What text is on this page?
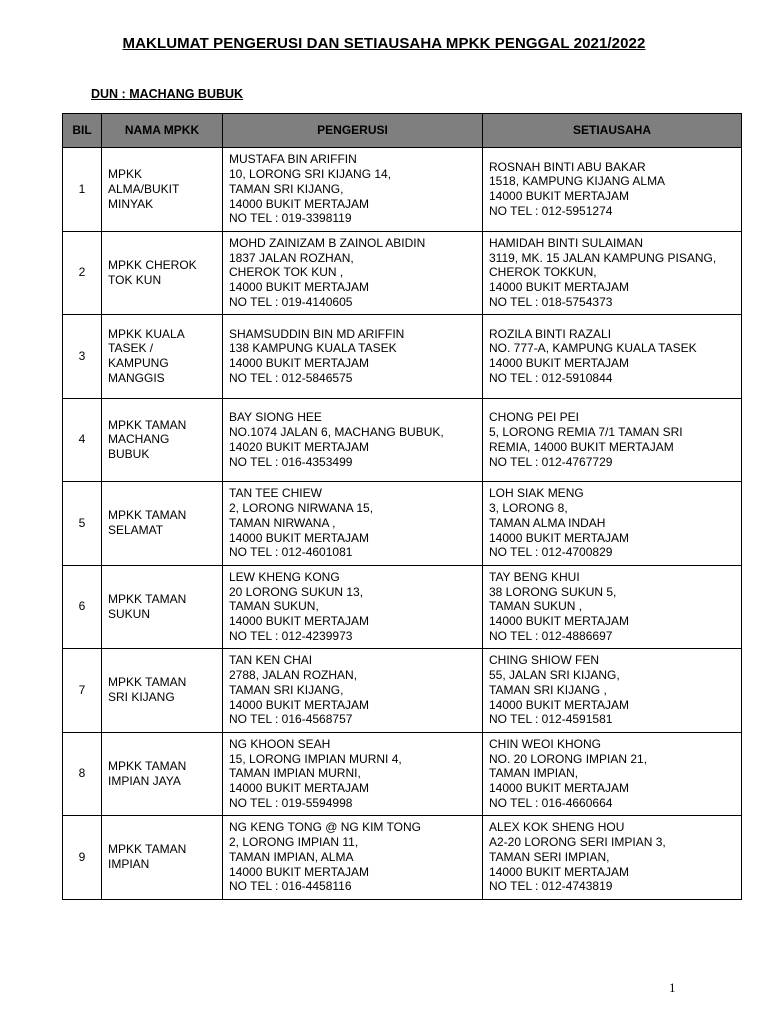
MAKLUMAT PENGERUSI DAN SETIAUSAHA MPKK PENGGAL 2021/2022
DUN : MACHANG BUBUK
BIL	NAMA MPKK	PENGERUSI	SETIAUSAHA
1	MPKK
ALMA/BUKIT
MINYAK	MUSTAFA BIN ARIFFIN
10, LORONG SRI KIJANG 14,
TAMAN SRI KIJANG,
14000 BUKIT MERTAJAM
NO TEL : 019-3398119	ROSNAH BINTI ABU BAKAR
1518, KAMPUNG KIJANG ALMA
14000 BUKIT MERTAJAM
NO TEL : 012-5951274
2	MPKK CHEROK
TOK KUN	MOHD ZAINIZAM B ZAINOL ABIDIN
1837 JALAN ROZHAN,
CHEROK TOK KUN ,
14000 BUKIT MERTAJAM
NO TEL : 019-4140605	HAMIDAH BINTI SULAIMAN
3119, MK. 15 JALAN KAMPUNG PISANG,
CHEROK TOKKUN,
14000 BUKIT MERTAJAM
NO TEL : 018-5754373
3	MPKK KUALA
TASEK /
KAMPUNG
MANGGIS	SHAMSUDDIN BIN MD ARIFFIN
138 KAMPUNG KUALA TASEK
14000 BUKIT MERTAJAM
NO TEL : 012-5846575	ROZILA BINTI RAZALI
NO. 777-A, KAMPUNG KUALA TASEK
14000 BUKIT MERTAJAM
NO TEL : 012-5910844
4	MPKK TAMAN
MACHANG
BUBUK	BAY SIONG HEE
NO.1074 JALAN 6, MACHANG BUBUK,
14020 BUKIT MERTAJAM
NO TEL : 016-4353499	CHONG PEI PEI
5, LORONG REMIA 7/1 TAMAN SRI
REMIA, 14000 BUKIT MERTAJAM
NO TEL : 012-4767729
5	MPKK TAMAN
SELAMAT	TAN TEE CHIEW
2, LORONG NIRWANA 15,
TAMAN NIRWANA ,
14000 BUKIT MERTAJAM
NO TEL : 012-4601081	LOH SIAK MENG
3, LORONG 8,
TAMAN ALMA INDAH
14000 BUKIT MERTAJAM
NO TEL : 012-4700829
6	MPKK TAMAN
SUKUN	LEW KHENG KONG
20 LORONG SUKUN 13,
TAMAN SUKUN,
14000 BUKIT MERTAJAM
NO TEL : 012-4239973	TAY BENG KHUI
38 LORONG SUKUN 5,
TAMAN SUKUN ,
14000 BUKIT MERTAJAM
NO TEL : 012-4886697
7	MPKK TAMAN
SRI KIJANG	TAN KEN CHAI
2788, JALAN ROZHAN,
TAMAN SRI KIJANG,
14000 BUKIT MERTAJAM
NO TEL : 016-4568757	CHING SHIOW FEN
55, JALAN SRI KIJANG,
TAMAN SRI KIJANG ,
14000 BUKIT MERTAJAM
NO TEL : 012-4591581
8	MPKK TAMAN
IMPIAN JAYA	NG KHOON SEAH
15, LORONG IMPIAN MURNI 4,
TAMAN IMPIAN MURNI,
14000 BUKIT MERTAJAM
NO TEL : 019-5594998	CHIN WEOI KHONG
NO. 20 LORONG IMPIAN 21,
TAMAN IMPIAN,
14000 BUKIT MERTAJAM
NO TEL : 016-4660664
9	MPKK TAMAN
IMPIAN	NG KENG TONG @ NG KIM TONG
2, LORONG IMPIAN 11,
TAMAN IMPIAN, ALMA
14000 BUKIT MERTAJAM
NO TEL : 016-4458116	ALEX KOK SHENG HOU
A2-20 LORONG SERI IMPIAN 3,
TAMAN SERI IMPIAN,
14000 BUKIT MERTAJAM
NO TEL : 012-4743819
1
